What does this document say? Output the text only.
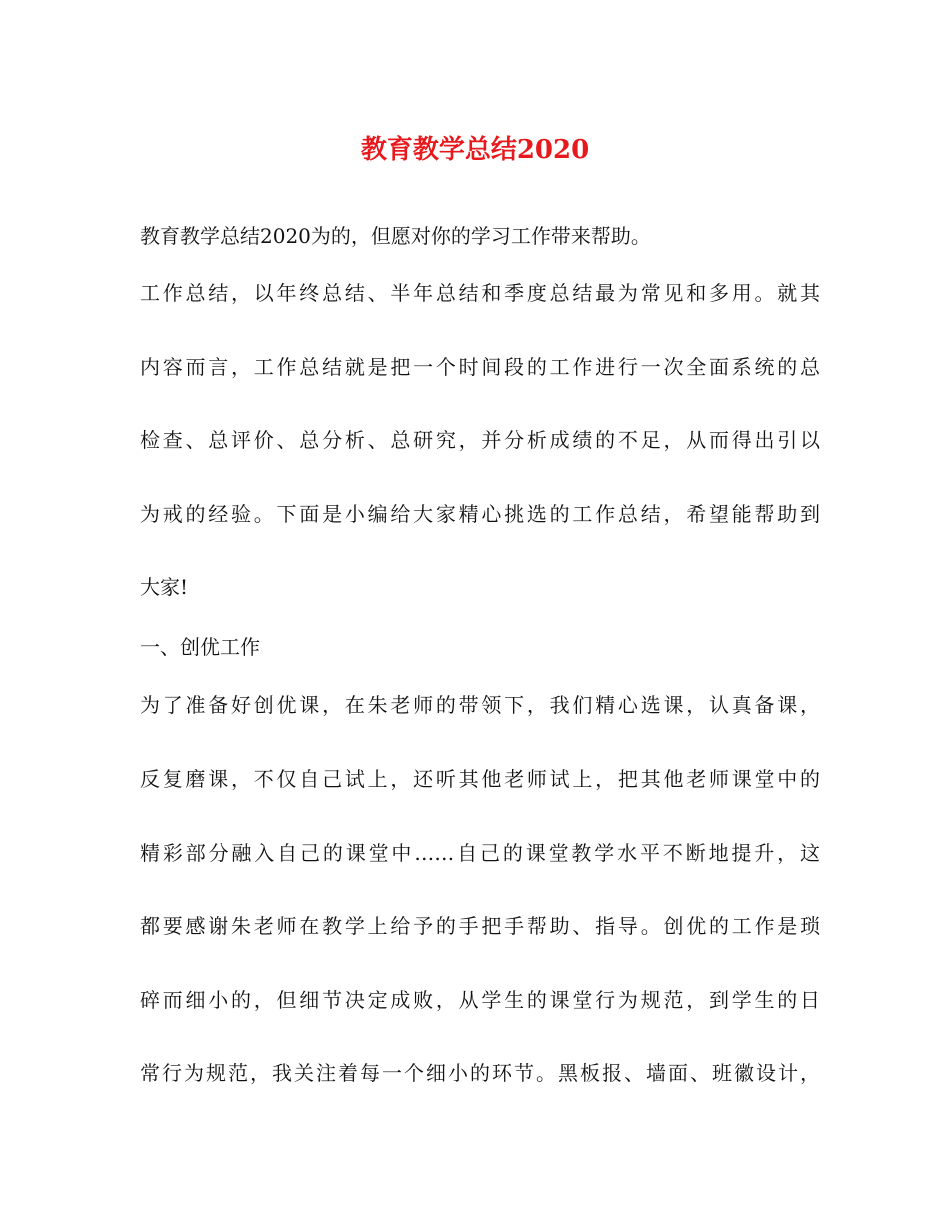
教育教学总结2020

教育教学总结2020为的，但愿对你的学习工作带来帮助。

工作总结，以年终总结、半年总结和季度总结最为常见和多用。就其

内容而言，工作总结就是把一个时间段的工作进行一次全面系统的总

检查、总评价、总分析、总研究，并分析成绩的不足，从而得出引以

为戒的经验。下面是小编给大家精心挑选的工作总结，希望能帮助到

大家!

一、创优工作

为了准备好创优课，在朱老师的带领下，我们精心选课，认真备课，

反复磨课，不仅自己试上，还听其他老师试上，把其他老师课堂中的

精彩部分融入自己的课堂中……自己的课堂教学水平不断地提升，这

都要感谢朱老师在教学上给予的手把手帮助、指导。创优的工作是琐

碎而细小的，但细节决定成败，从学生的课堂行为规范，到学生的日

常行为规范，我关注着每一个细小的环节。黑板报、墙面、班徽设计，
